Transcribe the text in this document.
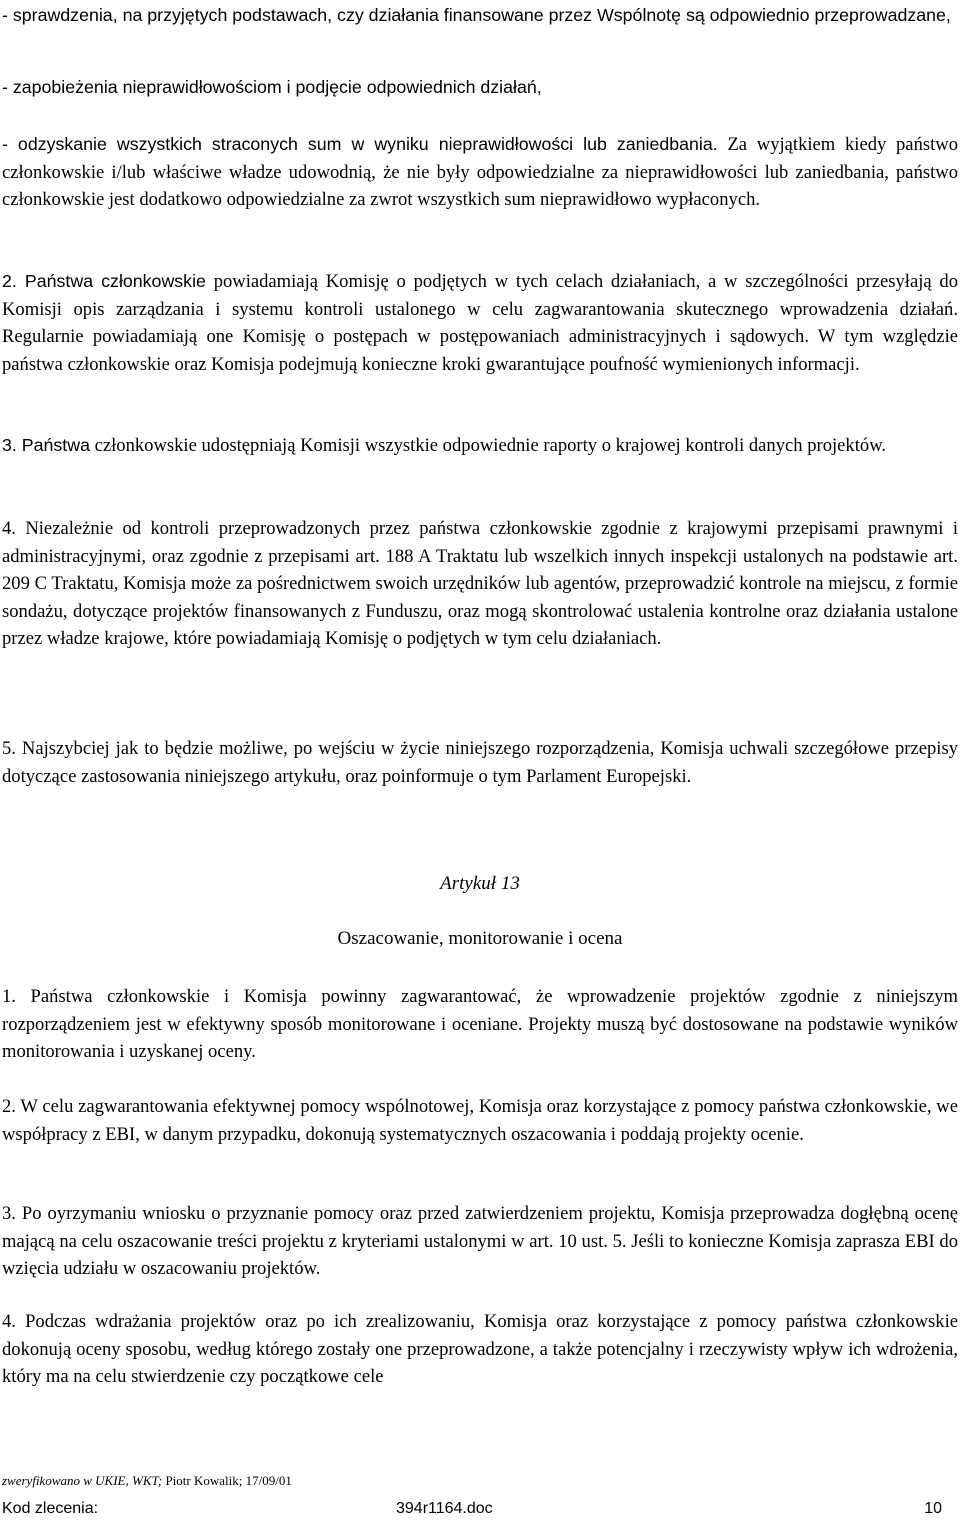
- sprawdzenia, na przyjętych podstawach, czy działania finansowane przez Wspólnotę są odpowiednio przeprowadzane,

- zapobieżenia nieprawidłowościom i podjęcie odpowiednich działań,

- odzyskanie wszystkich straconych sum w wyniku nieprawidłowości lub zaniedbania. Za wyjątkiem kiedy państwo członkowskie i/lub właściwe władze udowodnią, że nie były odpowiedzialne za nieprawidłowości lub zaniedbania, państwo członkowskie jest dodatkowo odpowiedzialne za zwrot wszystkich sum nieprawidłowo wypłaconych.

2. Państwa członkowskie powiadamiają Komisję o podjętych w tych celach działaniach, a w szczególności przesyłają do Komisji opis zarządzania i systemu kontroli ustalonego w celu zagwarantowania skutecznego wprowadzenia działań. Regularnie powiadamiają one Komisję o postępach w postępowaniach administracyjnych i sądowych. W tym względzie państwa członkowskie oraz Komisja podejmują konieczne kroki gwarantujące poufność wymienionych informacji.

3. Państwa członkowskie udostępniają Komisji wszystkie odpowiednie raporty o krajowej kontroli danych projektów.

4. Niezależnie od kontroli przeprowadzonych przez państwa członkowskie zgodnie z krajowymi przepisami prawnymi i administracyjnymi, oraz zgodnie z przepisami art. 188 A Traktatu lub wszelkich innych inspekcji ustalonych na podstawie art. 209 C Traktatu, Komisja może za pośrednictwem swoich urzędników lub agentów, przeprowadzić kontrole na miejscu, z formie sondażu, dotyczące projektów finansowanych z Funduszu, oraz mogą skontrolować ustalenia kontrolne oraz działania ustalone przez władze krajowe, które powiadamiają Komisję o podjętych w tym celu działaniach.

5. Najszybciej jak to będzie możliwe, po wejściu w życie niniejszego rozporządzenia, Komisja uchwali szczegółowe przepisy dotyczące zastosowania niniejszego artykułu, oraz poinformuje o tym Parlament Europejski.

Artykuł 13
Oszacowanie, monitorowanie i ocena

1. Państwa członkowskie i Komisja powinny zagwarantować, że wprowadzenie projektów zgodnie z niniejszym rozporządzeniem jest w efektywny sposób monitorowane i oceniane. Projekty muszą być dostosowane na podstawie wyników monitorowania i uzyskanej oceny.

2. W celu zagwarantowania efektywnej pomocy wspólnotowej, Komisja oraz korzystające z pomocy państwa członkowskie, we współpracy z EBI, w danym przypadku, dokonują systematycznych oszacowania i poddają projekty ocenie.

3. Po oyrzymaniu wniosku o przyznanie pomocy oraz przed zatwierdzeniem projektu, Komisja przeprowadza dogłębną ocenę mającą na celu oszacowanie treści projektu z kryteriami ustalonymi w art. 10 ust. 5. Jeśli to konieczne Komisja zaprasza EBI do wzięcia udziału w oszacowaniu projektów.

4. Podczas wdrażania projektów oraz po ich zrealizowaniu, Komisja oraz korzystające z pomocy państwa członkowskie dokonują oceny sposobu, według którego zostały one przeprowadzone, a także potencjalny i rzeczywisty wpływ ich wdrożenia, który ma na celu stwierdzenie czy początkowe cele

zweryfikowano w UKIE, WKT; Piotr Kowalik; 17/09/01
Kod zlecenia:	394r1164.doc	10
